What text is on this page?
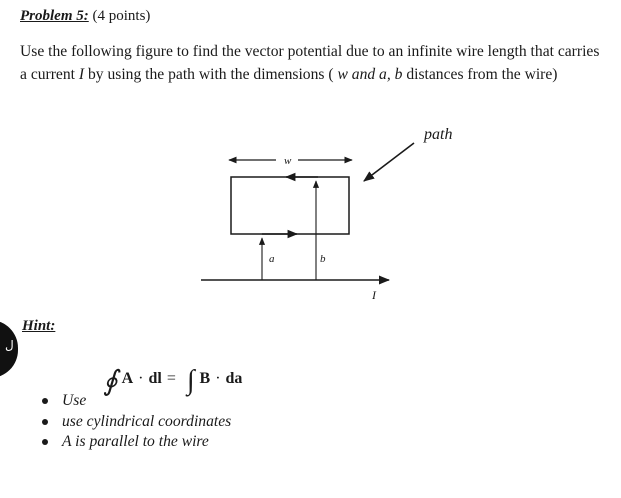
Problem 5: (4 points)
Use the following figure to find the vector potential due to an infinite wire length that carries a current I by using the path with the dimensions ( w and a, b distances from the wire)
path
w
a	b
I
ل
Hint:
∮ A · dl = ∫ B · da
Use
use cylindrical coordinates
A is parallel to the wire
